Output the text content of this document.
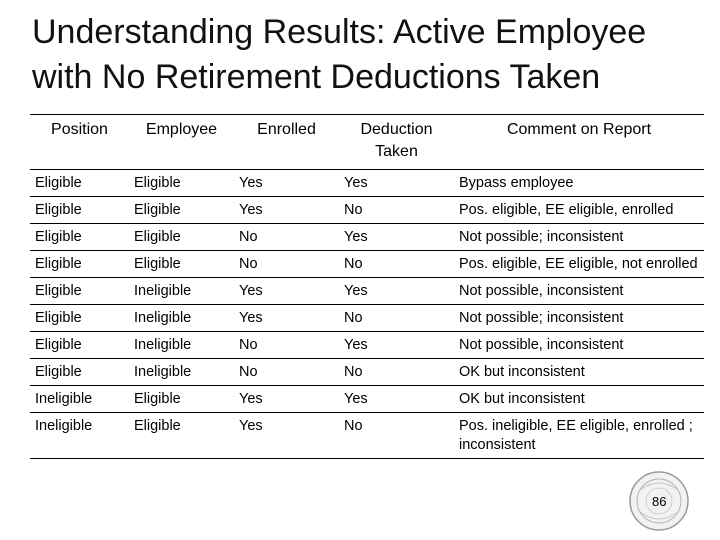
Understanding Results: Active Employee
with No Retirement Deductions Taken
Position	Employee	Enrolled	Deduction Taken	Comment on Report
Eligible	Eligible	Yes	Yes	Bypass employee
Eligible	Eligible	Yes	No	Pos. eligible, EE eligible, enrolled
Eligible	Eligible	No	Yes	Not possible; inconsistent
Eligible	Eligible	No	No	Pos. eligible, EE eligible, not enrolled
Eligible	Ineligible	Yes	Yes	Not possible, inconsistent
Eligible	Ineligible	Yes	No	Not possible; inconsistent
Eligible	Ineligible	No	Yes	Not possible, inconsistent
Eligible	Ineligible	No	No	OK but inconsistent
Ineligible	Eligible	Yes	Yes	OK but inconsistent
Ineligible	Eligible	Yes	No	Pos. ineligible, EE eligible, enrolled ; inconsistent
86
